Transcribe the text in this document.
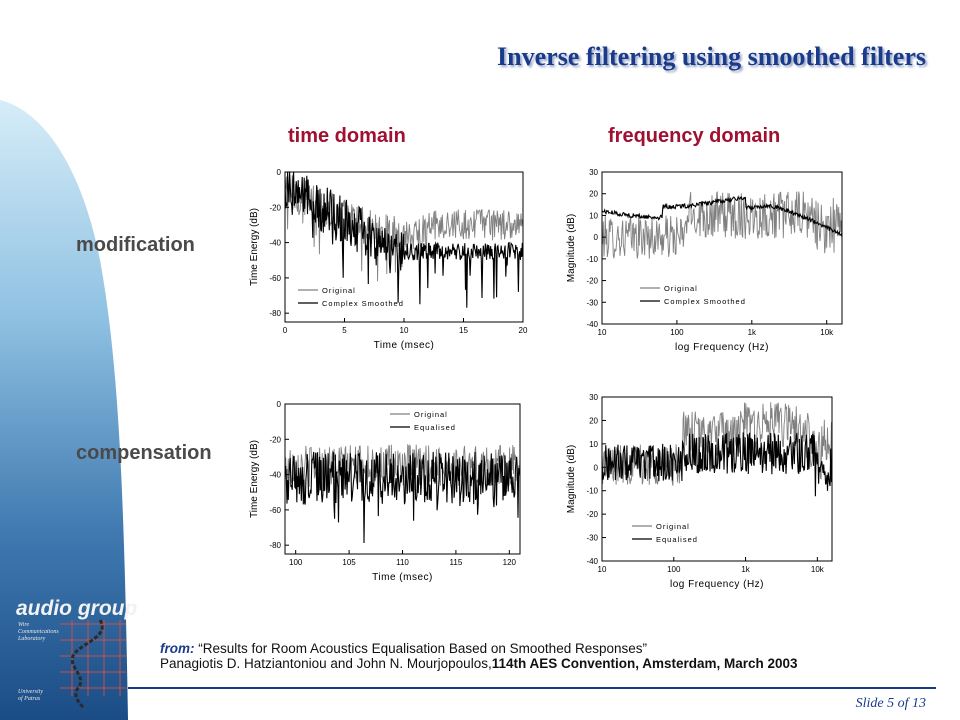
Inverse filtering using smoothed filters
time domain	frequency domain
modification
compensation
0
-20
-40
-60
-80
0	5	10	15	20
Time (msec)
Time Energy (dB)
Original
Complex Smoothed
30
20
10
0
-10
-20
-30
-40
10	100	1k	10k
log Frequency (Hz)
Magnitude (dB)
Original
Complex Smoothed
0
-20
-40
-60
-80
100	105	110	115	120
Time (msec)
Time Energy (dB)
Original
Equalised
30
20
10
0
-10
-20
-30
-40
10	100	1k	10k
log Frequency (Hz)
Magnitude (dB)
Original
Equalised
from: “Results for Room Acoustics Equalisation Based on Smoothed Responses”
Panagiotis D. Hatziantoniou and John N. Mourjopoulos,114th AES Convention, Amsterdam, March 2003
Slide 5 of 13
audio group
Wire
Communications
Laboratory
University
of Patras
